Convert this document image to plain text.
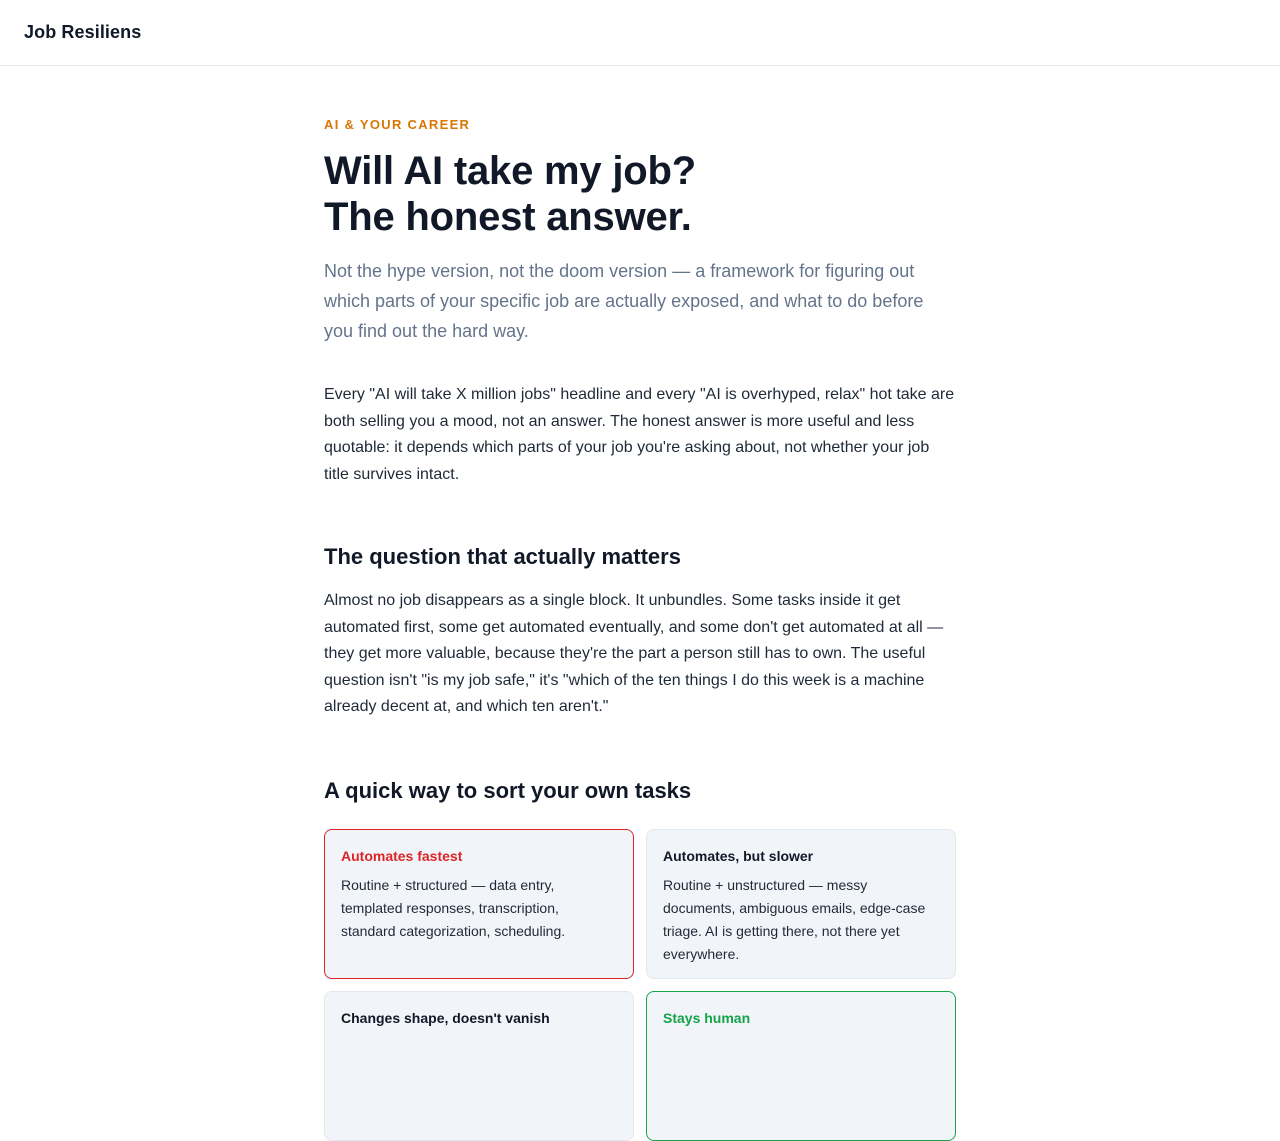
Job Resiliens
AI & YOUR CAREER
Will AI take my job?
The honest answer.

Not the hype version, not the doom version — a framework for figuring out which parts of your specific job are actually exposed, and what to do before you find out the hard way.

Every "AI will take X million jobs" headline and every "AI is overhyped, relax" hot take are both selling you a mood, not an answer. The honest answer is more useful and less quotable: it depends which parts of your job you're asking about, not whether your job title survives intact.

The question that actually matters

Almost no job disappears as a single block. It unbundles. Some tasks inside it get automated first, some get automated eventually, and some don't get automated at all — they get more valuable, because they're the part a person still has to own. The useful question isn't "is my job safe," it's "which of the ten things I do this week is a machine already decent at, and which ten aren't."

A quick way to sort your own tasks
Automates fastest
Routine + structured — data entry, templated responses, transcription, standard categorization, scheduling.
Automates, but slower
Routine + unstructured — messy documents, ambiguous emails, edge-case triage. AI is getting there, not there yet everywhere.
Changes shape, doesn't vanish	Stays human
